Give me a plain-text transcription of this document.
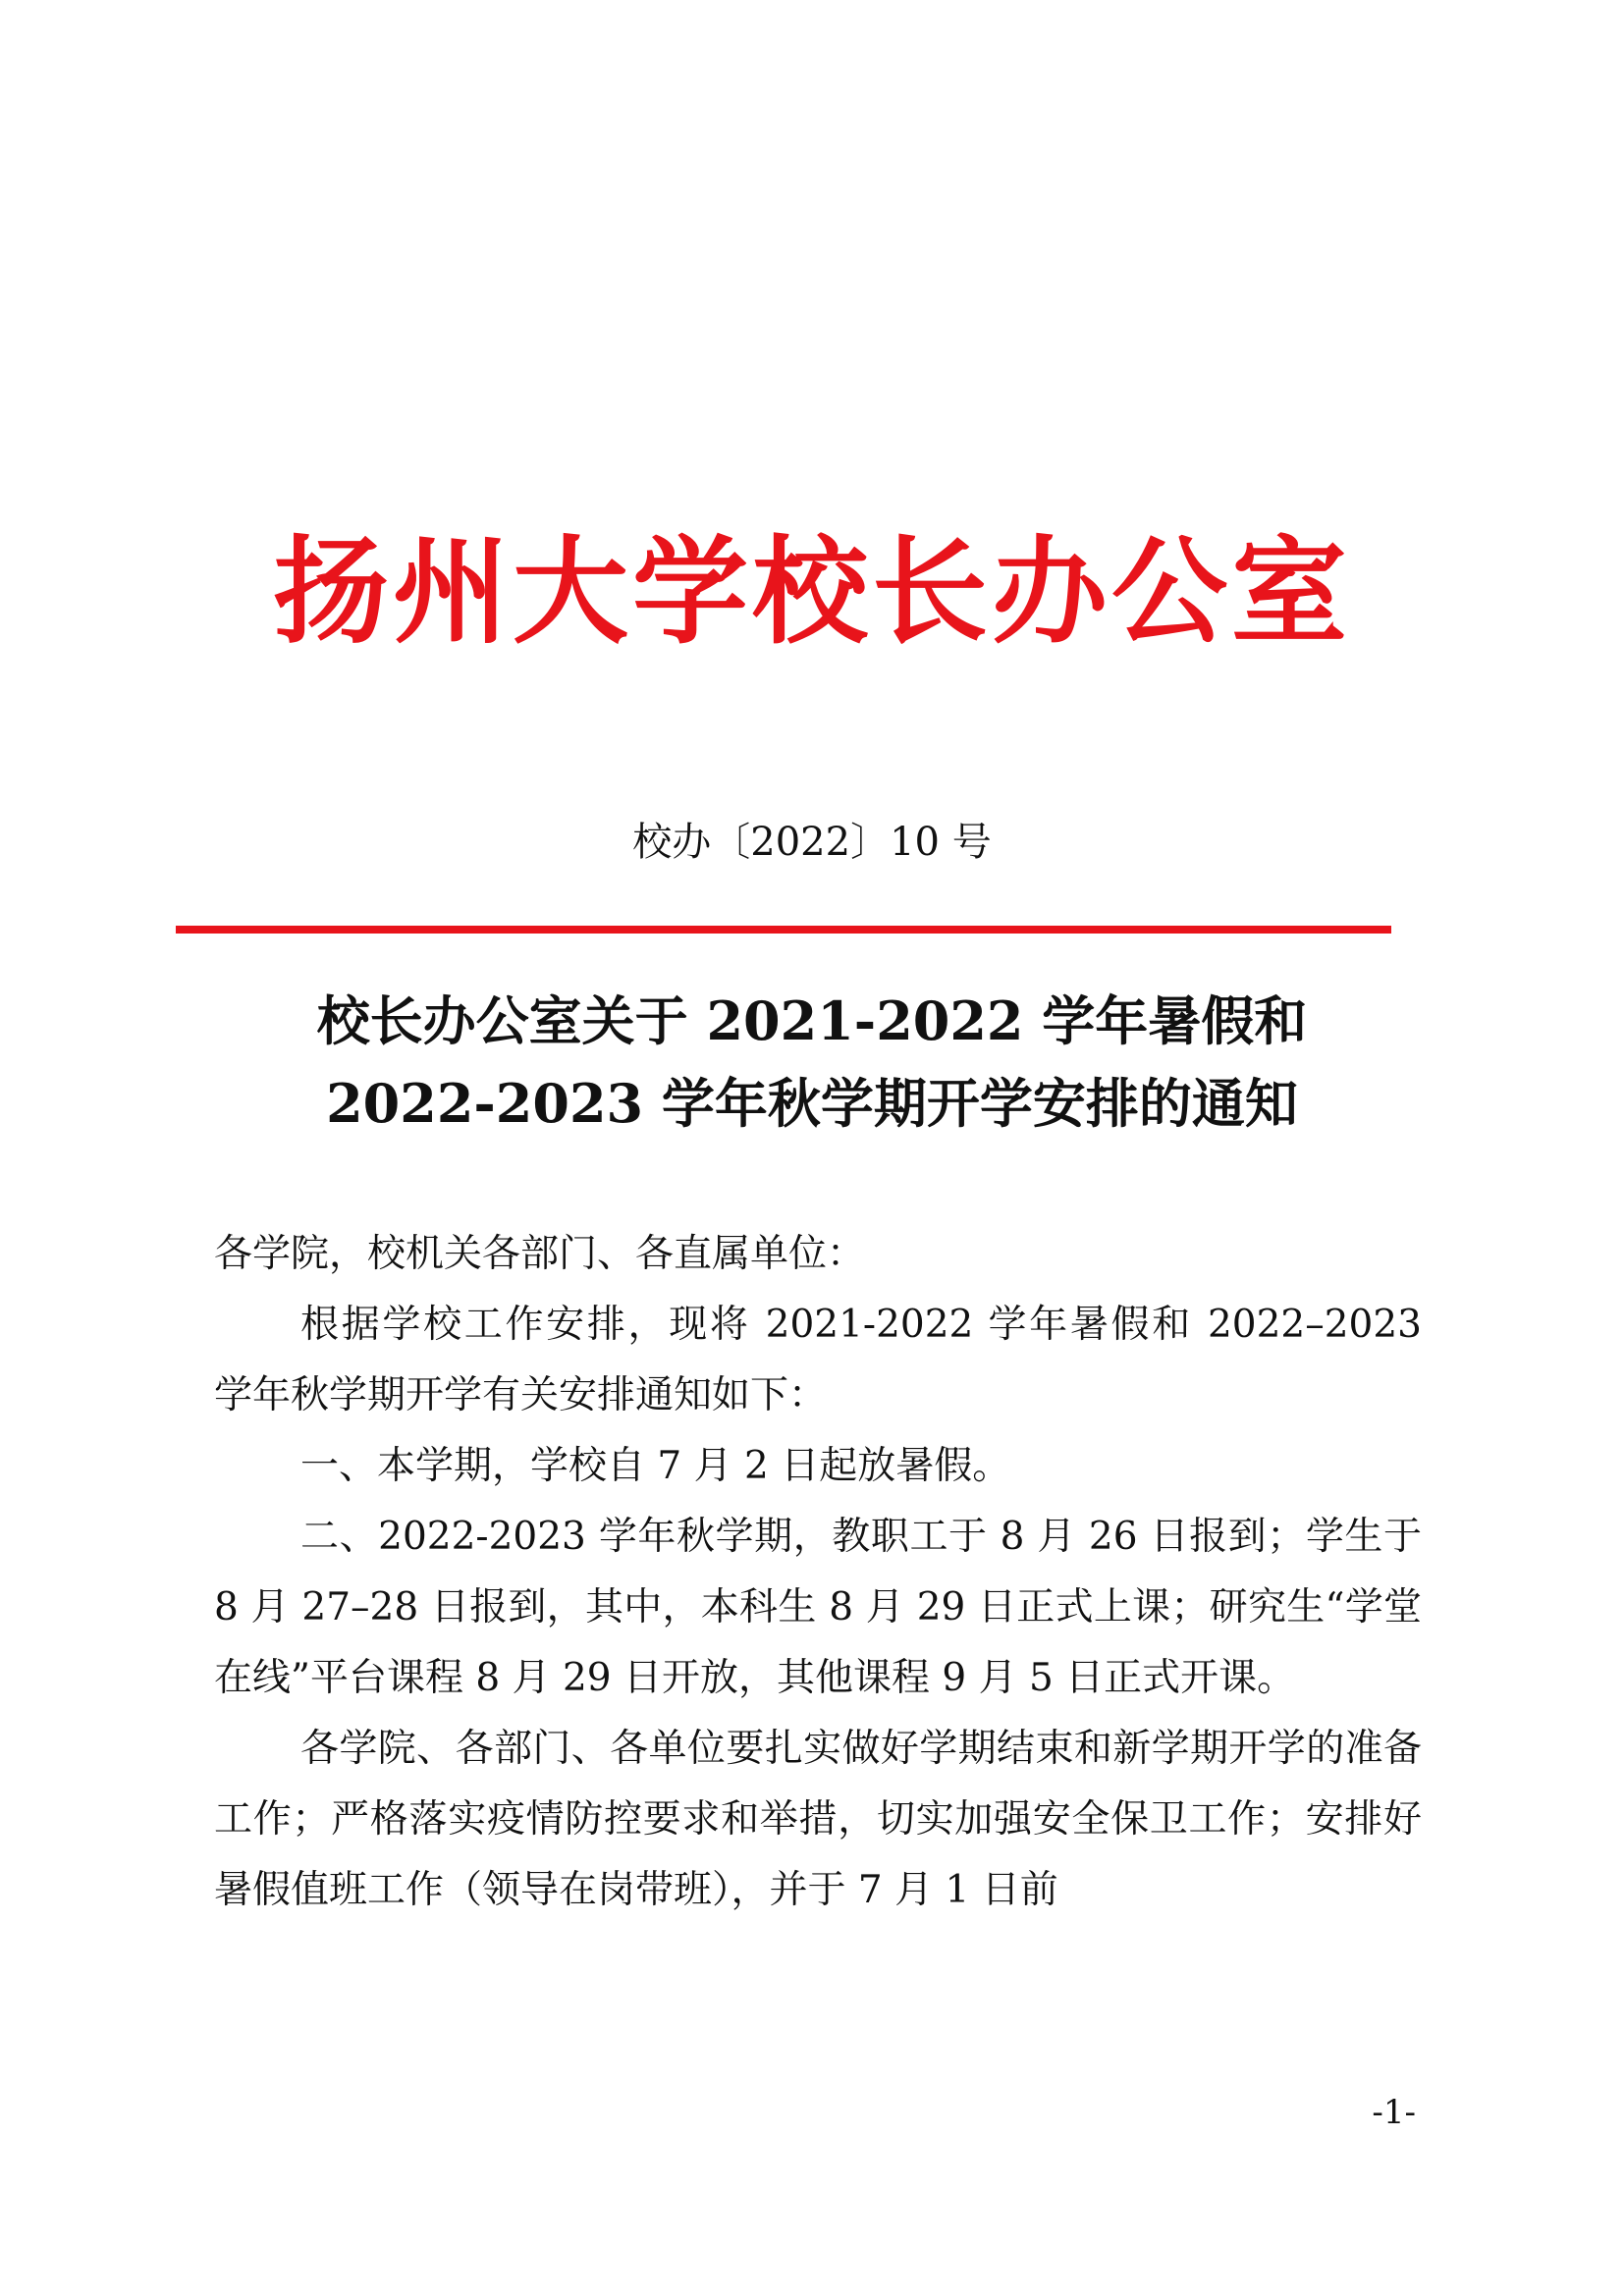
扬州大学校长办公室
校办〔2022〕10 号
校长办公室关于 2021-2022 学年暑假和
2022-2023 学年秋学期开学安排的通知

各学院，校机关各部门、各直属单位：

根据学校工作安排，现将 2021-2022 学年暑假和 2022–2023 学年秋学期开学有关安排通知如下：

一、本学期，学校自 7 月 2 日起放暑假。

二、2022-2023 学年秋学期，教职工于 8 月 26 日报到；学生于 8 月 27–28 日报到，其中，本科生 8 月 29 日正式上课；研究生“学堂在线”平台课程 8 月 29 日开放，其他课程 9 月 5 日正式开课。

各学院、各部门、各单位要扎实做好学期结束和新学期开学的准备工作；严格落实疫情防控要求和举措，切实加强安全保卫工作；安排好暑假值班工作（领导在岗带班），并于 7 月 1 日前

-1-
